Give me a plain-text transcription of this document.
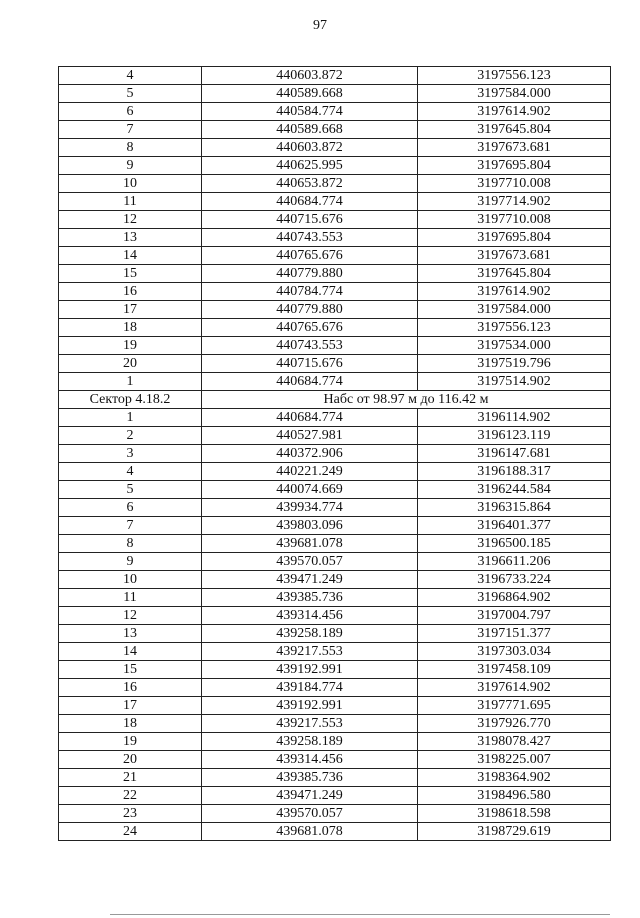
97
4	440603.872	3197556.123
5	440589.668	3197584.000
6	440584.774	3197614.902
7	440589.668	3197645.804
8	440603.872	3197673.681
9	440625.995	3197695.804
10	440653.872	3197710.008
11	440684.774	3197714.902
12	440715.676	3197710.008
13	440743.553	3197695.804
14	440765.676	3197673.681
15	440779.880	3197645.804
16	440784.774	3197614.902
17	440779.880	3197584.000
18	440765.676	3197556.123
19	440743.553	3197534.000
20	440715.676	3197519.796
1	440684.774	3197514.902
Сектор 4.18.2	Набс от 98.97 м до 116.42 м	
1	440684.774	3196114.902
2	440527.981	3196123.119
3	440372.906	3196147.681
4	440221.249	3196188.317
5	440074.669	3196244.584
6	439934.774	3196315.864
7	439803.096	3196401.377
8	439681.078	3196500.185
9	439570.057	3196611.206
10	439471.249	3196733.224
11	439385.736	3196864.902
12	439314.456	3197004.797
13	439258.189	3197151.377
14	439217.553	3197303.034
15	439192.991	3197458.109
16	439184.774	3197614.902
17	439192.991	3197771.695
18	439217.553	3197926.770
19	439258.189	3198078.427
20	439314.456	3198225.007
21	439385.736	3198364.902
22	439471.249	3198496.580
23	439570.057	3198618.598
24	439681.078	3198729.619
